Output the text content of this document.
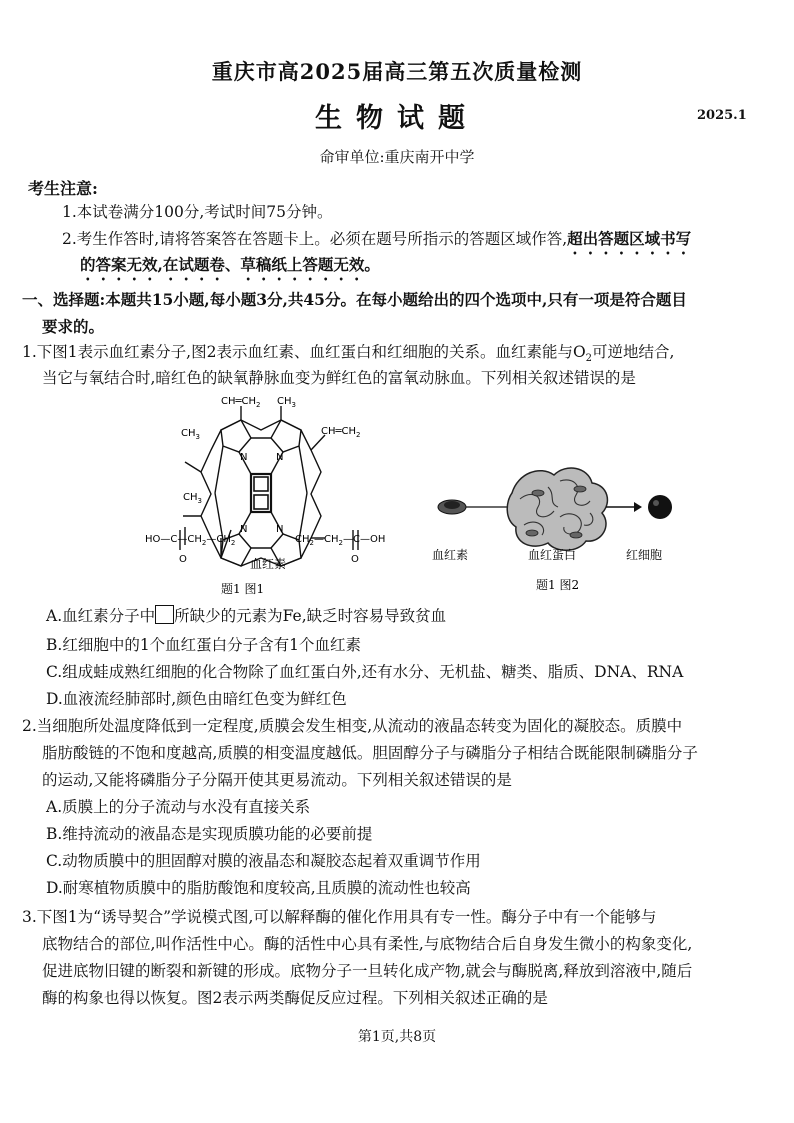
重庆市高2025届高三第五次质量检测
生物试题	2025.1
命审单位:重庆南开中学
考生注意:
1.本试卷满分100分,考试时间75分钟。
2.考生作答时,请将答案答在答题卡上。必须在题号所指示的答题区域作答,超出答题区域书写
的答案无效,在试题卷、草稿纸上答题无效。
一、选择题:本题共15小题,每小题3分,共45分。在每小题给出的四个选项中,只有一项是符合题目
要求的。
1.下图1表示血红素分子,图2表示血红素、血红蛋白和红细胞的关系。血红素能与$O_2$可逆地结合,
当它与氧结合时,暗红色的缺氧静脉血变为鲜红色的富氧动脉血。下列相关叙述错误的是
N	N
N	N
$CH═CH_2$ $CH_3$
$CH═CH_2$
$CH_3$
$CH_3$
$HO—C—CH_2—CH_2$	$CH_2—CH_2—C—OH$
O	O
血红素
题1 图1
血红素	血红蛋白	红细胞
题1 图2
A.血红素分子中 所缺少的元素为Fe,缺乏时容易导致贫血
B.红细胞中的1个血红蛋白分子含有1个血红素
C.组成蛙成熟红细胞的化合物除了血红蛋白外,还有水分、无机盐、糖类、脂质、DNA、RNA
D.血液流经肺部时,颜色由暗红色变为鲜红色
2.当细胞所处温度降低到一定程度,质膜会发生相变,从流动的液晶态转变为固化的凝胶态。质膜中
脂肪酸链的不饱和度越高,质膜的相变温度越低。胆固醇分子与磷脂分子相结合既能限制磷脂分子
的运动,又能将磷脂分子分隔开使其更易流动。下列相关叙述错误的是
A.质膜上的分子流动与水没有直接关系
B.维持流动的液晶态是实现质膜功能的必要前提
C.动物质膜中的胆固醇对膜的液晶态和凝胶态起着双重调节作用
D.耐寒植物质膜中的脂肪酸饱和度较高,且质膜的流动性也较高
3.下图1为“诱导契合”学说模式图,可以解释酶的催化作用具有专一性。酶分子中有一个能够与
底物结合的部位,叫作活性中心。酶的活性中心具有柔性,与底物结合后自身发生微小的构象变化,
促进底物旧键的断裂和新键的形成。底物分子一旦转化成产物,就会与酶脱离,释放到溶液中,随后
酶的构象也得以恢复。图2表示两类酶促反应过程。下列相关叙述正确的是
第1页,共8页
